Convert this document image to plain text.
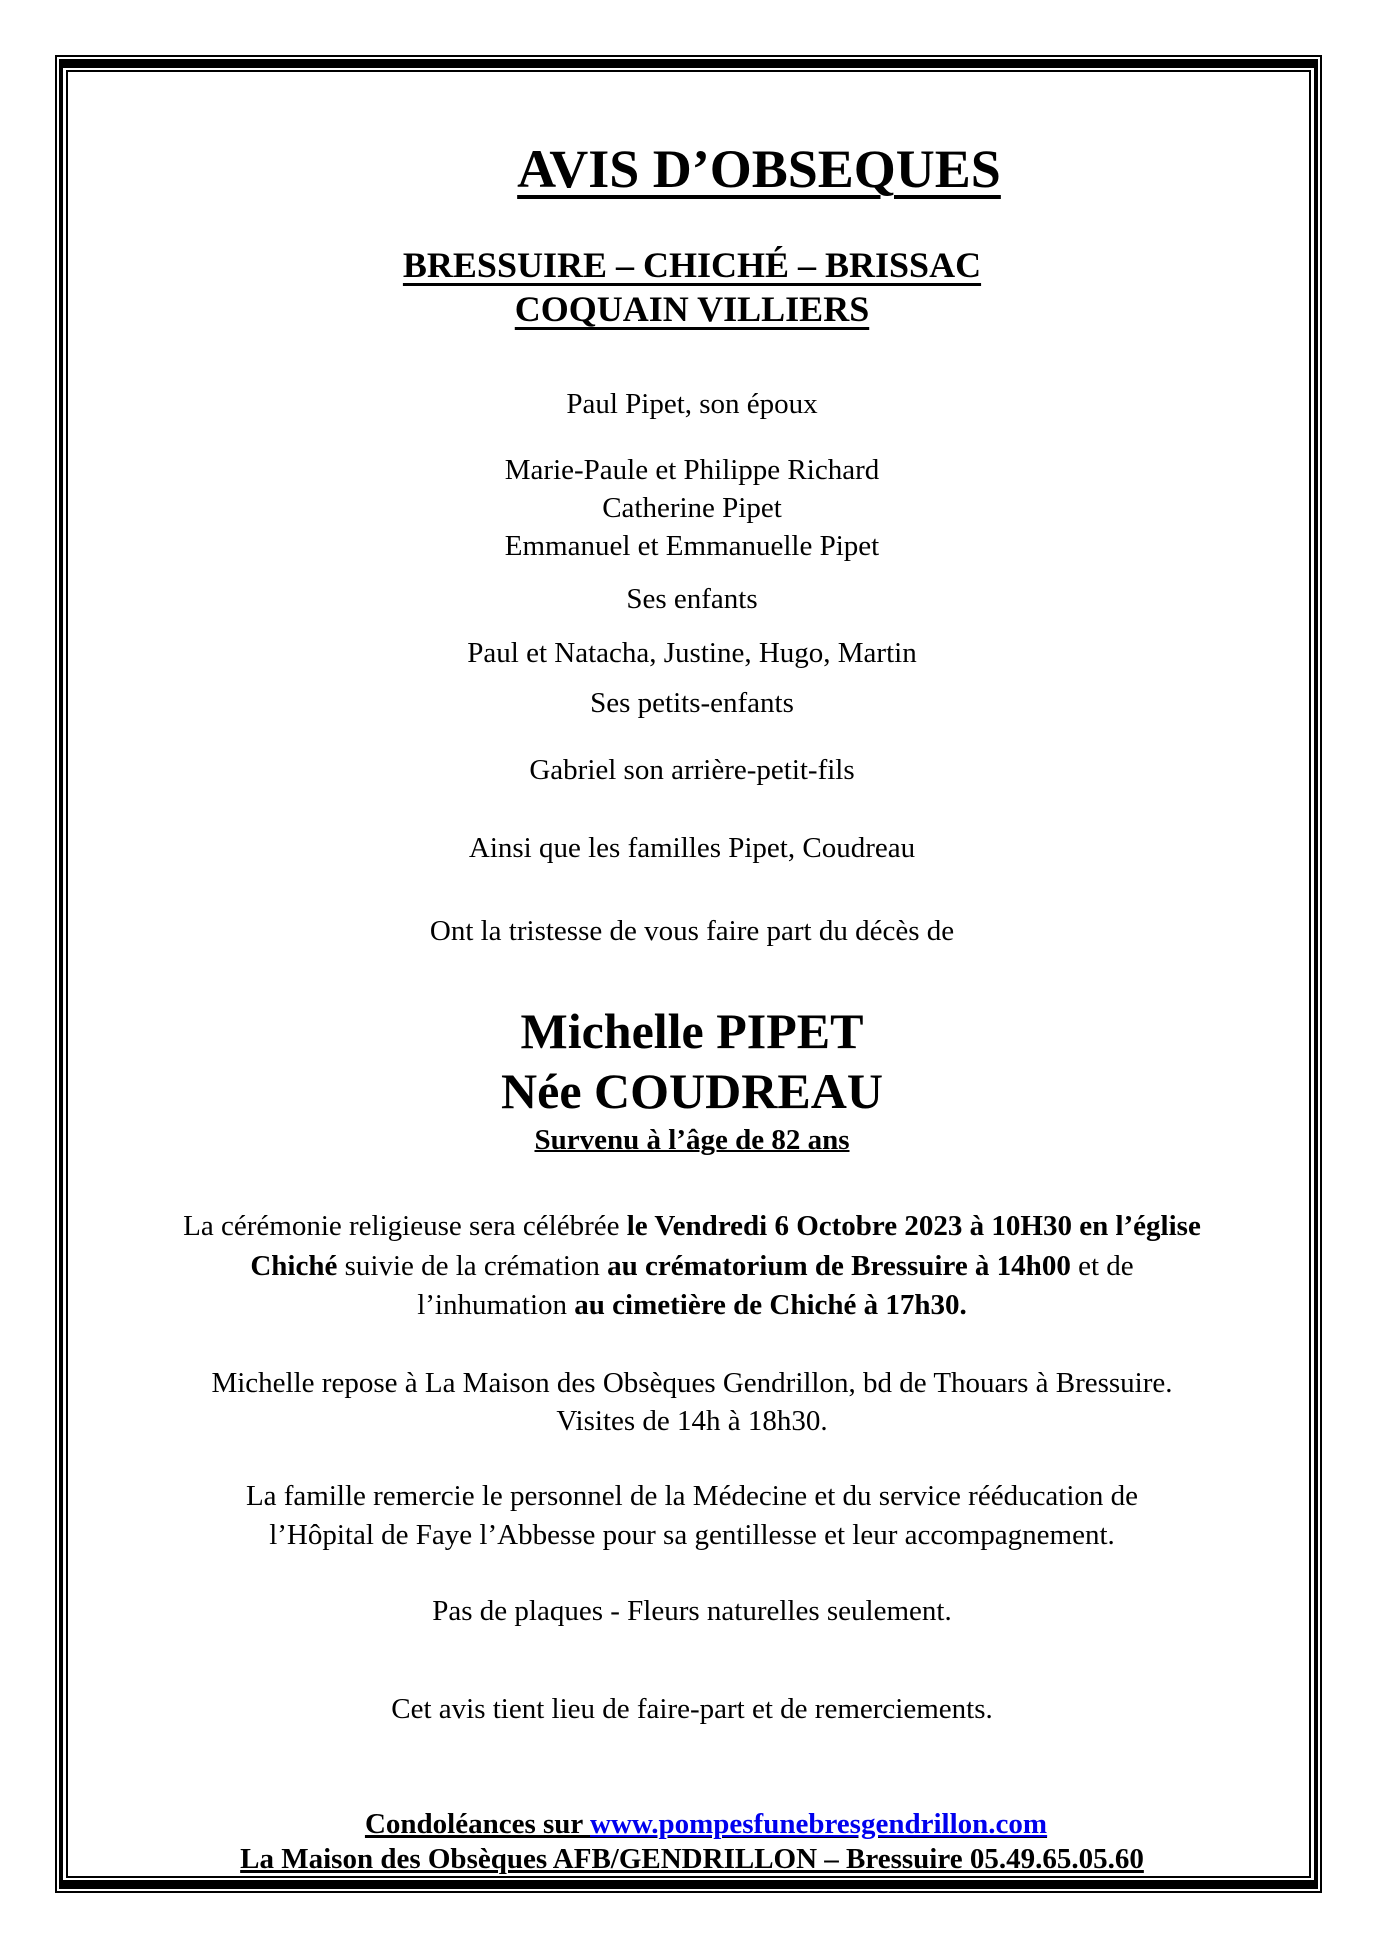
AVIS D’OBSEQUES
BRESSUIRE – CHICHÉ – BRISSAC
COQUAIN VILLIERS
Paul Pipet, son époux
Marie-Paule et Philippe Richard
Catherine Pipet
Emmanuel et Emmanuelle Pipet
Ses enfants
Paul et Natacha, Justine, Hugo, Martin
Ses petits-enfants
Gabriel son arrière-petit-fils
Ainsi que les familles Pipet, Coudreau
Ont la tristesse de vous faire part du décès de
Michelle PIPET
Née COUDREAU
Survenu à l’âge de 82 ans
La cérémonie religieuse sera célébrée le Vendredi 6 Octobre 2023 à 10H30 en l’église
Chiché suivie de la crémation au crématorium de Bressuire à 14h00 et de
l’inhumation au cimetière de Chiché à 17h30.
Michelle repose à La Maison des Obsèques Gendrillon, bd de Thouars à Bressuire.
Visites de 14h à 18h30.
La famille remercie le personnel de la Médecine et du service rééducation de
l’Hôpital de Faye l’Abbesse pour sa gentillesse et leur accompagnement.
Pas de plaques - Fleurs naturelles seulement.
Cet avis tient lieu de faire-part et de remerciements.
Condoléances sur www.pompesfunebresgendrillon.com
La Maison des Obsèques AFB/GENDRILLON – Bressuire 05.49.65.05.60
